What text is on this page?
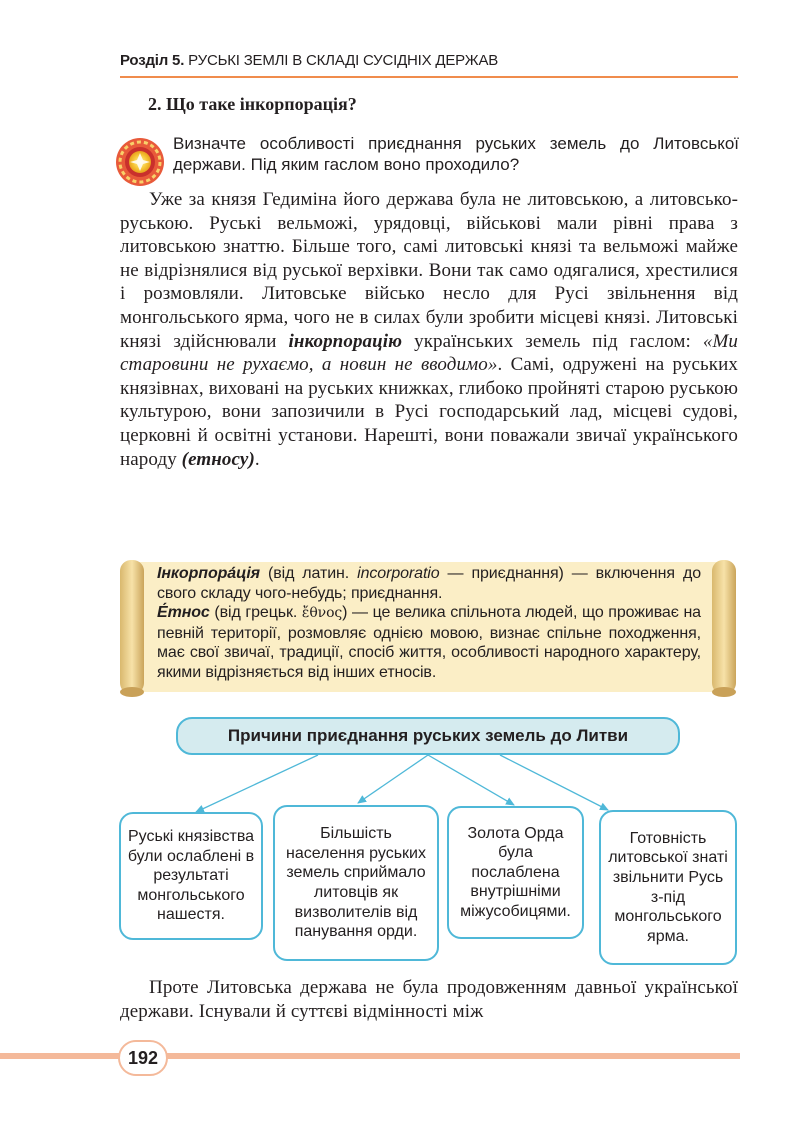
Розділ 5. РУСЬКІ ЗЕМЛІ В СКЛАДІ СУСІДНІХ ДЕРЖАВ
2. Що таке інкорпорація?
Визначте особливості приєднання руських земель до Литовської держави. Під яким гаслом воно проходило?

Уже за князя Гедиміна його держава була не литовською, а литовсько-руською. Руські вельможі, урядовці, військові мали рівні права з литовською знаттю. Більше того, самі литовські князі та вельможі майже не відрізнялися від руської верхівки. Вони так само одягалися, хрестилися і розмовляли. Литовське військо несло для Русі звільнення від монгольського ярма, чого не в силах були зробити місцеві князі. Литовські князі здійснювали інкорпорацію українських земель під гаслом: «Ми старовини не рухаємо, а новин не вводимо». Самі, одружені на руських князівнах, виховані на руських книжках, глибоко пройняті старою руською культурою, вони запозичили в Русі господарський лад, місцеві судові, церковні й освітні установи. Нарешті, вони поважали звичаї українського народу (етносу).

Інкорпора́ція (від латин. incorporatio — приєднання) — включення до свого складу чого-небудь; приєднання.

Е́тнос (від грецьк. ἔθνος) — це велика спільнота людей, що проживає на певній території, розмовляє однією мовою, визнає спільне походження, має свої звичаї, традиції, спосіб життя, особливості народного характеру, якими відрізняється від інших етносів.

Причини приєднання руських земель до Литви
Руські князівства були ослаблені в результаті монгольського нашестя.
Більшість населення руських земель сприймало литовців як визволителів від панування орди.
Золота Орда була послаблена внутрішніми міжусобицями.
Готовність литовської знаті звільнити Русь з-під монгольського ярма.

Проте Литовська держава не була продовженням давньої української держави. Існували й суттєві відмінності між

192
